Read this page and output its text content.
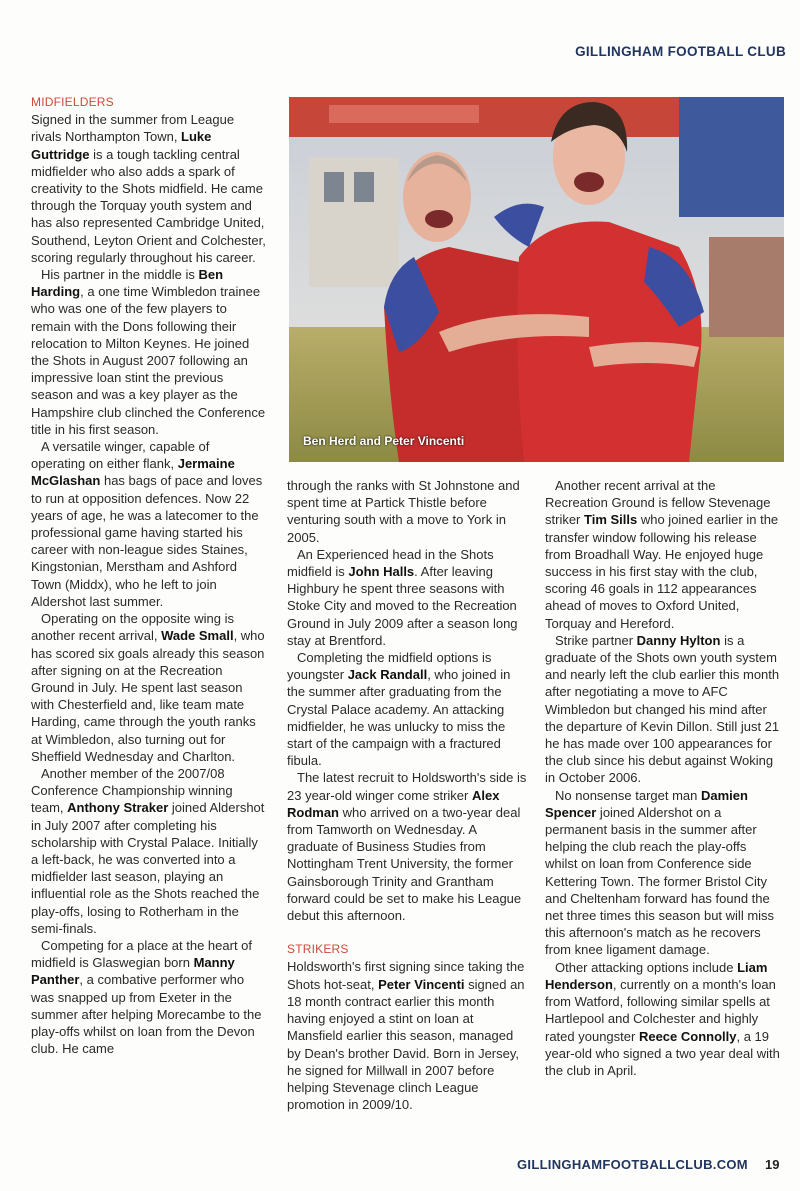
GILLINGHAM FOOTBALL CLUB
Ben Herd and Peter Vincenti
MIDFIELDERS

Signed in the summer from League rivals Northampton Town, Luke Guttridge is a tough tackling central midfielder who also adds a spark of creativity to the Shots midfield. He came through the Torquay youth system and has also represented Cambridge United, Southend, Leyton Orient and Colchester, scoring regularly throughout his career.

His partner in the middle is Ben Harding, a one time Wimbledon trainee who was one of the few players to remain with the Dons following their relocation to Milton Keynes. He joined the Shots in August 2007 following an impressive loan stint the previous season and was a key player as the Hampshire club clinched the Conference title in his first season.

A versatile winger, capable of operating on either flank, Jermaine McGlashan has bags of pace and loves to run at opposition defences. Now 22 years of age, he was a latecomer to the professional game having started his career with non-league sides Staines, Kingstonian, Merstham and Ashford Town (Middx), who he left to join Aldershot last summer.

Operating on the opposite wing is another recent arrival, Wade Small, who has scored six goals already this season after signing on at the Recreation Ground in July. He spent last season with Chesterfield and, like team mate Harding, came through the youth ranks at Wimbledon, also turning out for Sheffield Wednesday and Charlton.

Another member of the 2007/08 Conference Championship winning team, Anthony Straker joined Aldershot in July 2007 after completing his scholarship with Crystal Palace. Initially a left-back, he was converted into a midfielder last season, playing an influential role as the Shots reached the play-offs, losing to Rotherham in the semi-finals.

Competing for a place at the heart of midfield is Glaswegian born Manny Panther, a combative performer who was snapped up from Exeter in the summer after helping Morecambe to the play-offs whilst on loan from the Devon club. He came

through the ranks with St Johnstone and spent time at Partick Thistle before venturing south with a move to York in 2005.

An Experienced head in the Shots midfield is John Halls. After leaving Highbury he spent three seasons with Stoke City and moved to the Recreation Ground in July 2009 after a season long stay at Brentford.

Completing the midfield options is youngster Jack Randall, who joined in the summer after graduating from the Crystal Palace academy. An attacking midfielder, he was unlucky to miss the start of the campaign with a fractured fibula.

The latest recruit to Holdsworth's side is 23 year-old winger come striker Alex Rodman who arrived on a two-year deal from Tamworth on Wednesday. A graduate of Business Studies from Nottingham Trent University, the former Gainsborough Trinity and Grantham forward could be set to make his League debut this afternoon.

STRIKERS

Holdsworth's first signing since taking the Shots hot-seat, Peter Vincenti signed an 18 month contract earlier this month having enjoyed a stint on loan at Mansfield earlier this season, managed by Dean's brother David. Born in Jersey, he signed for Millwall in 2007 before helping Stevenage clinch League promotion in 2009/10.

Another recent arrival at the Recreation Ground is fellow Stevenage striker Tim Sills who joined earlier in the transfer window following his release from Broadhall Way. He enjoyed huge success in his first stay with the club, scoring 46 goals in 112 appearances ahead of moves to Oxford United, Torquay and Hereford.

Strike partner Danny Hylton is a graduate of the Shots own youth system and nearly left the club earlier this month after negotiating a move to AFC Wimbledon but changed his mind after the departure of Kevin Dillon. Still just 21 he has made over 100 appearances for the club since his debut against Woking in October 2006.

No nonsense target man Damien Spencer joined Aldershot on a permanent basis in the summer after helping the club reach the play-offs whilst on loan from Conference side Kettering Town. The former Bristol City and Cheltenham forward has found the net three times this season but will miss this afternoon's match as he recovers from knee ligament damage.

Other attacking options include Liam Henderson, currently on a month's loan from Watford, following similar spells at Hartlepool and Colchester and highly rated youngster Reece Connolly, a 19 year-old who signed a two year deal with the club in April.

GILLINGHAMFOOTBALLCLUB.COM 19
